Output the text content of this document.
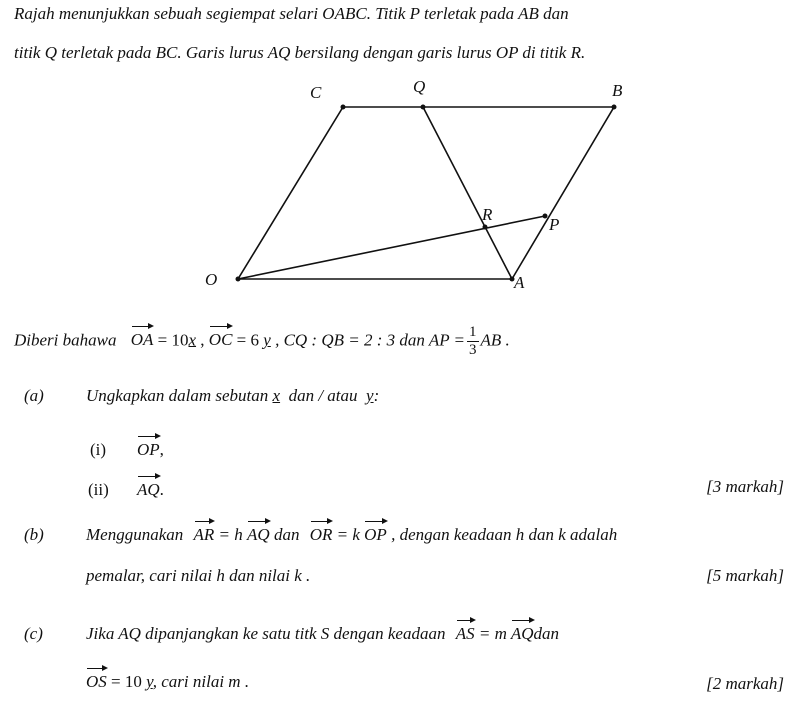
Rajah menunjukkan sebuah segiempat selari OABC. Titik P terletak pada AB dan
titik Q terletak pada BC. Garis lurus AQ bersilang dengan garis lurus OP di titik R.
C	Q	B
R
P
O	A
Diberi bahawa OA = 10x , OC = 6 y , CQ : QB = 2 : 3 dan AP = $\frac{1}{3}$ AB .
(a) Ungkapkan dalam sebutan x dan / atau y:
(i) OP,
(ii) AQ.	[3 markah]
(b) Menggunakan AR = h AQ dan OR = k OP , dengan keadaan h dan k adalah
pemalar, cari nilai h dan nilai k .	[5 markah]
(c)	Jika AQ dipanjangkan ke satu titk S dengan keadaan AS = m AQdan
OS = 10 y, cari nilai m .	[2 markah]
